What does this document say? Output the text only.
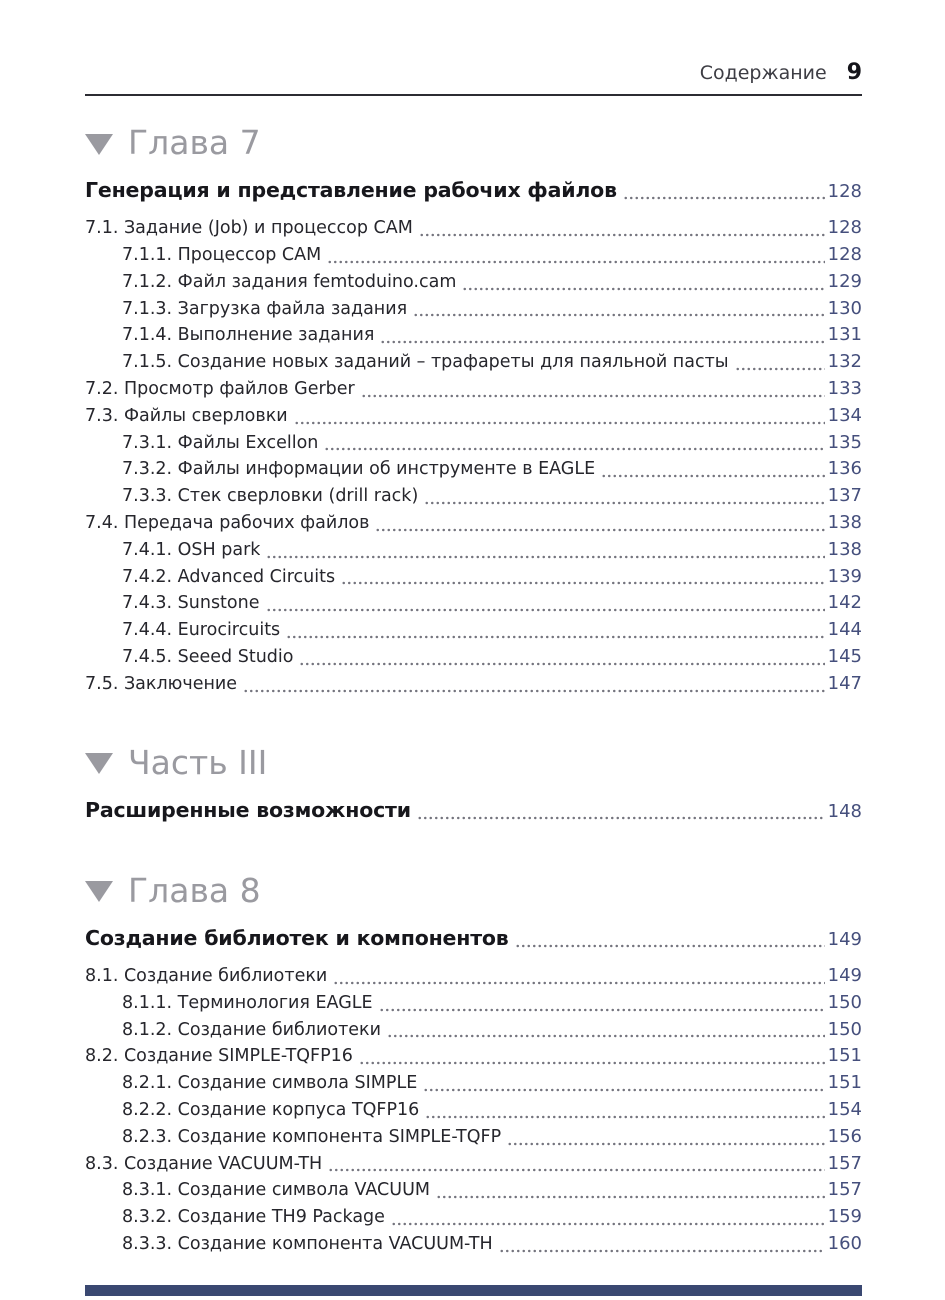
Содержание 9
Глава 7
Генерация и представление рабочих файлов	128
7.1. Задание (Job) и процессор CAM	128
7.1.1. Процессор CAM	128
7.1.2. Файл задания femtoduino.cam	129
7.1.3. Загрузка файла задания	130
7.1.4. Выполнение задания	131
7.1.5. Создание новых заданий – трафареты для паяльной пасты	132
7.2. Просмотр файлов Gerber	133
7.3. Файлы сверловки	134
7.3.1. Файлы Excellon	135
7.3.2. Файлы информации об инструменте в EAGLE	136
7.3.3. Стек сверловки (drill rack)	137
7.4. Передача рабочих файлов	138
7.4.1. OSH park	138
7.4.2. Advanced Circuits	139
7.4.3. Sunstone	142
7.4.4. Eurocircuits	144
7.4.5. Seeed Studio	145
7.5. Заключение	147
Часть III
Расширенные возможности	148
Глава 8
Создание библиотек и компонентов	149
8.1. Создание библиотеки	149
8.1.1. Терминология EAGLE	150
8.1.2. Создание библиотеки	150
8.2. Создание SIMPLE-TQFP16	151
8.2.1. Создание символа SIMPLE	151
8.2.2. Создание корпуса TQFP16	154
8.2.3. Создание компонента SIMPLE-TQFP	156
8.3. Создание VACUUM-TH	157
8.3.1. Создание символа VACUUM	157
8.3.2. Создание TH9 Package	159
8.3.3. Создание компонента VACUUM-TH	160
